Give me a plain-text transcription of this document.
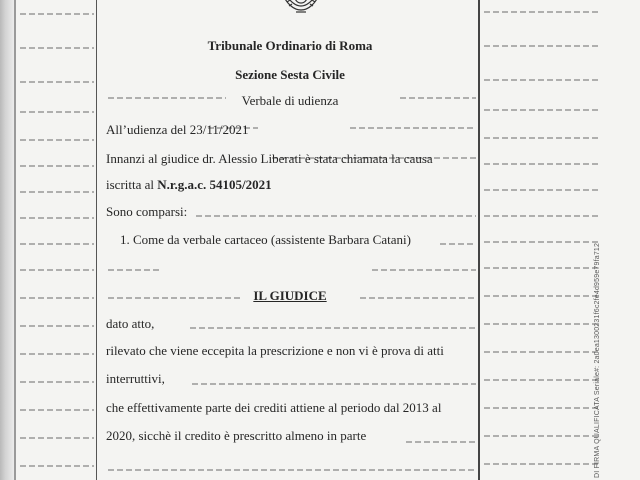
Tribunale Ordinario di Roma
Sezione Sesta Civile
Verbale di udienza
All’udienza del 23/11/2021
Innanzi al giudice dr. Alessio Liberati è stata chiamata la causa
iscritta al N.r.g.a.c. 54105/2021
Sono comparsi:
1. Come da verbale cartaceo (assistente Barbara Catani)
IL GIUDICE
dato atto,
rilevato che viene eccepita la prescrizione e non vi è prova di atti
interruttivi,
che effettivamente parte dei crediti attiene al periodo dal 2013 al
2020, sicchè il credito è prescritto almeno in parte	DI FIRMA QUALIFICATA Seriale#: 2a0ea1300231f6c2fe4d959e79fa712
